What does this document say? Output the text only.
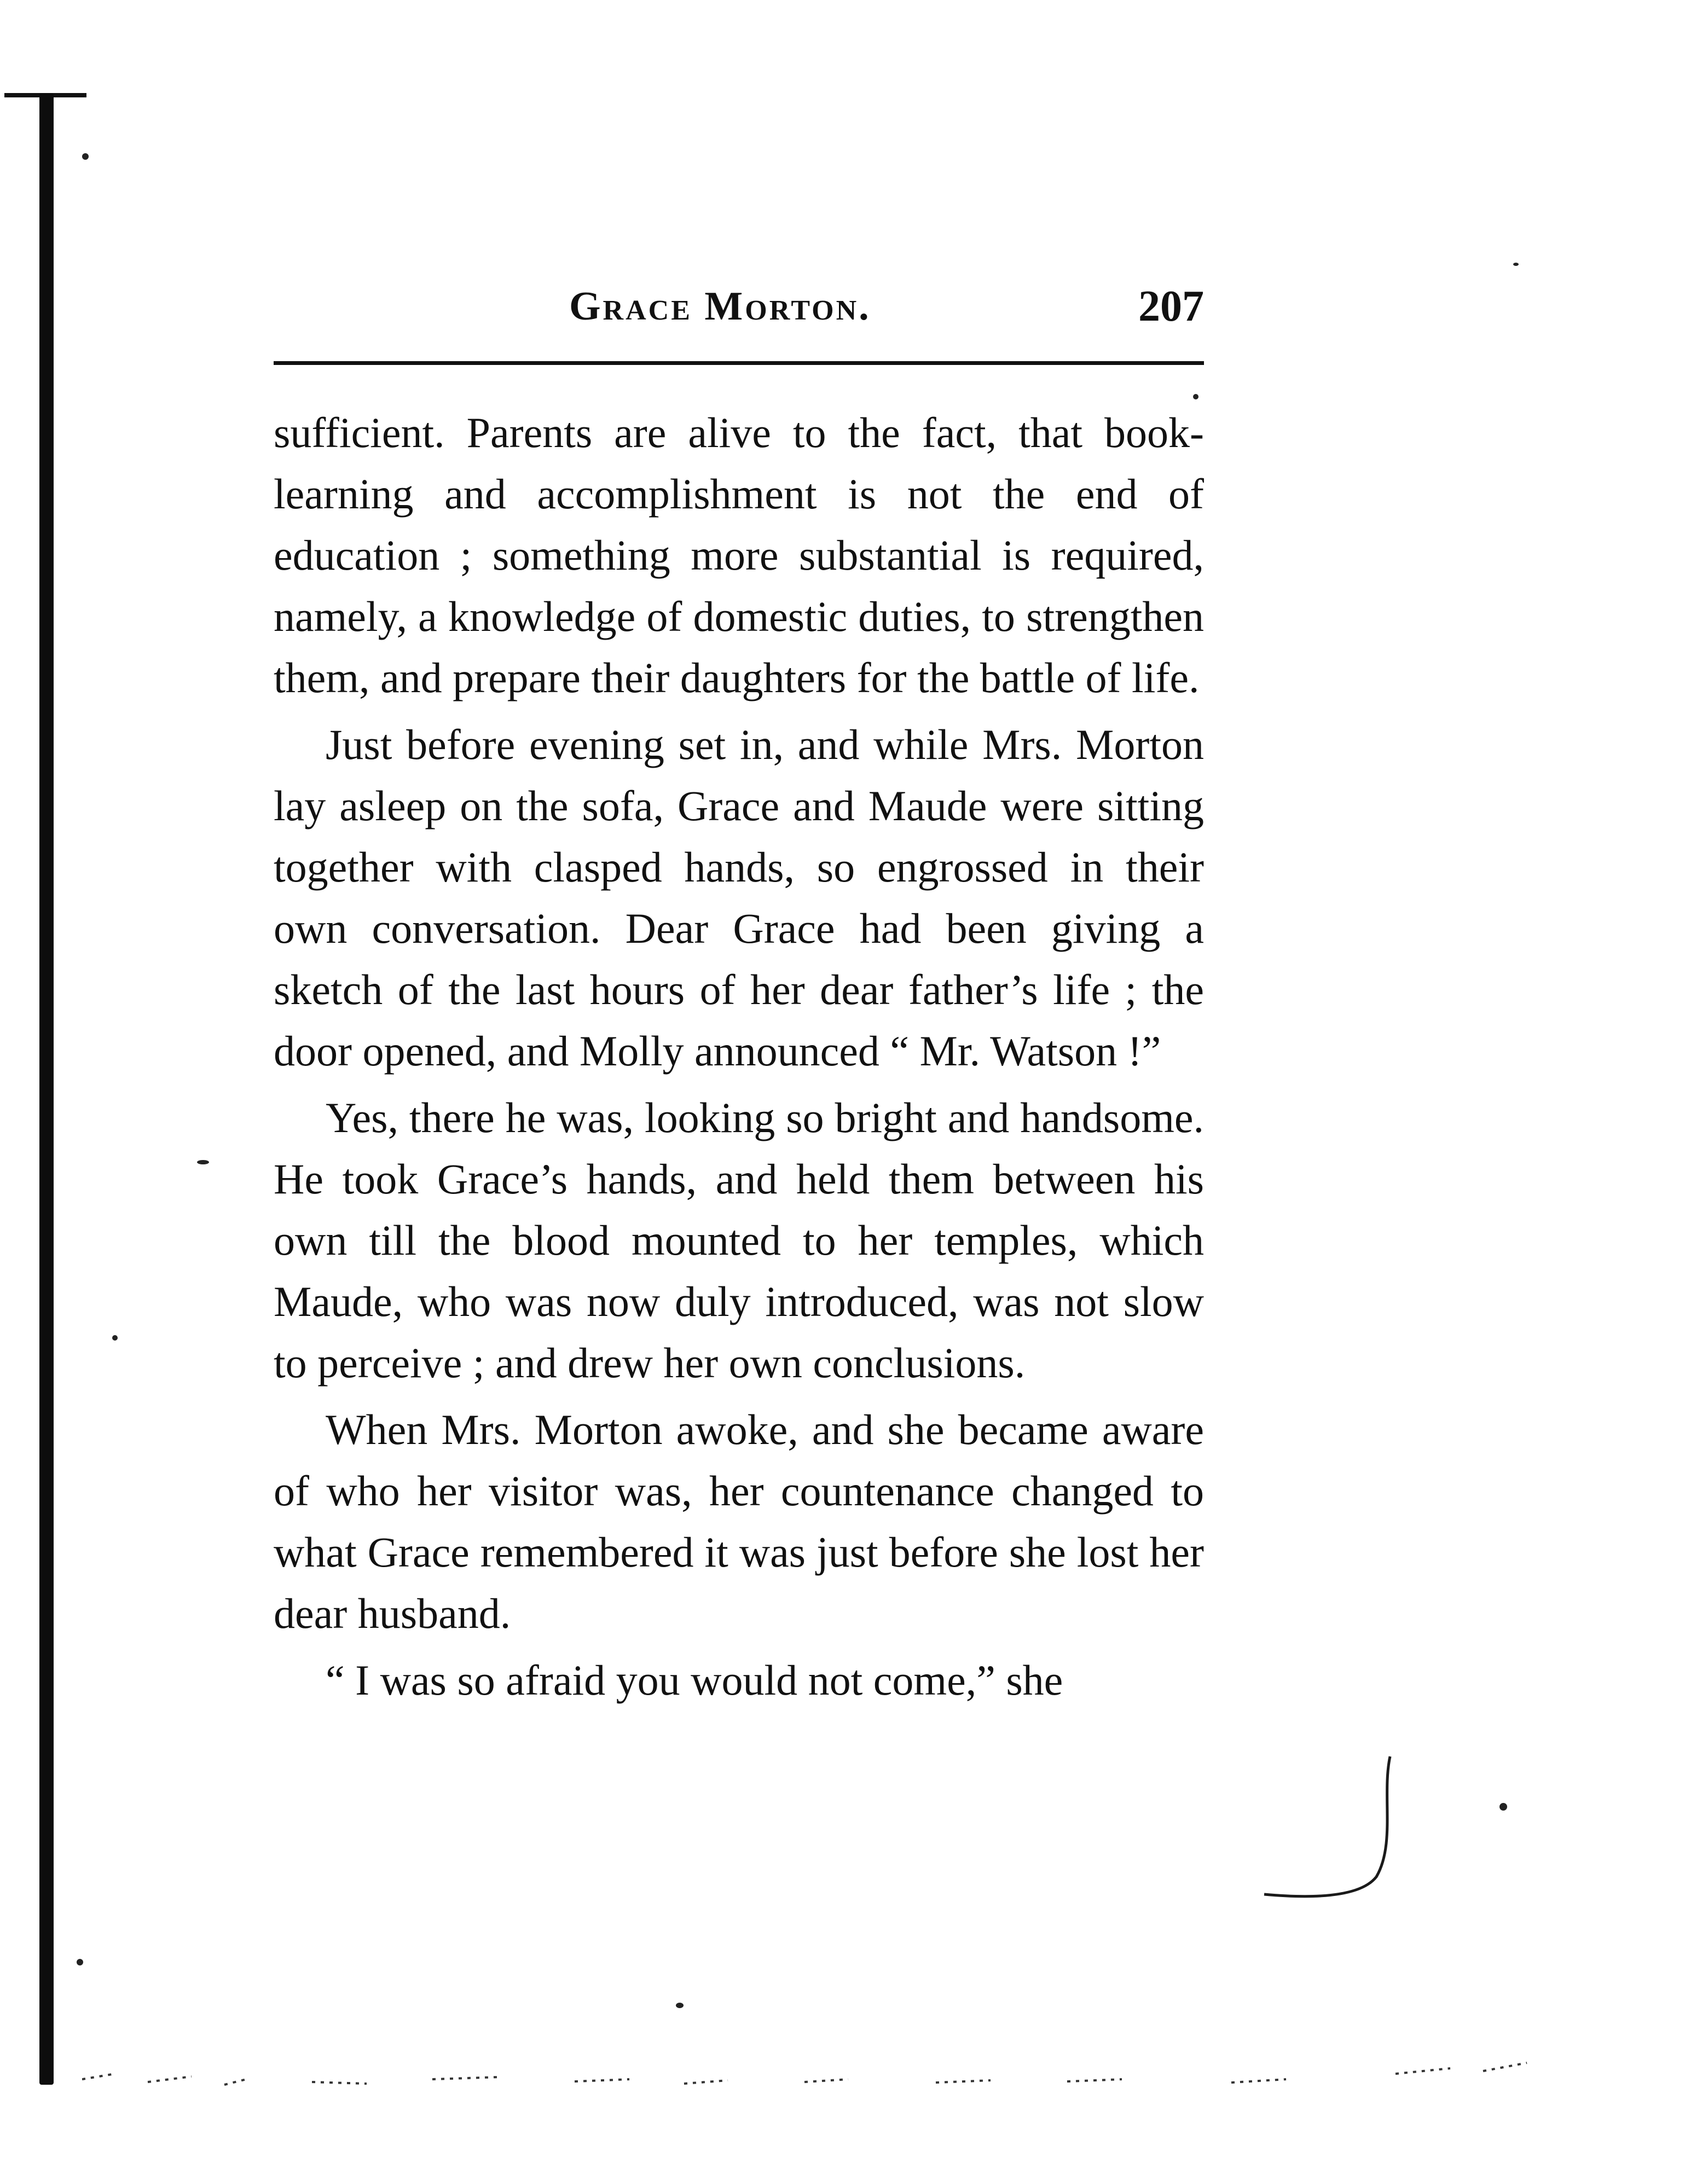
Grace Morton.	207

sufficient. Parents are alive to the fact, that book-learning and accomplishment is not the end of education ; something more substantial is required, namely, a knowledge of domestic duties, to strengthen them, and prepare their daughters for the battle of life.

Just before evening set in, and while Mrs. Morton lay asleep on the sofa, Grace and Maude were sitting together with clasped hands, so engrossed in their own conversation. Dear Grace had been giving a sketch of the last hours of her dear father’s life ; the door opened, and Molly announced “ Mr. Watson !”

Yes, there he was, looking so bright and handsome. He took Grace’s hands, and held them between his own till the blood mounted to her temples, which Maude, who was now duly introduced, was not slow to perceive ; and drew her own conclusions.

When Mrs. Morton awoke, and she became aware of who her visitor was, her countenance changed to what Grace remembered it was just before she lost her dear husband.

“ I was so afraid you would not come,” she
